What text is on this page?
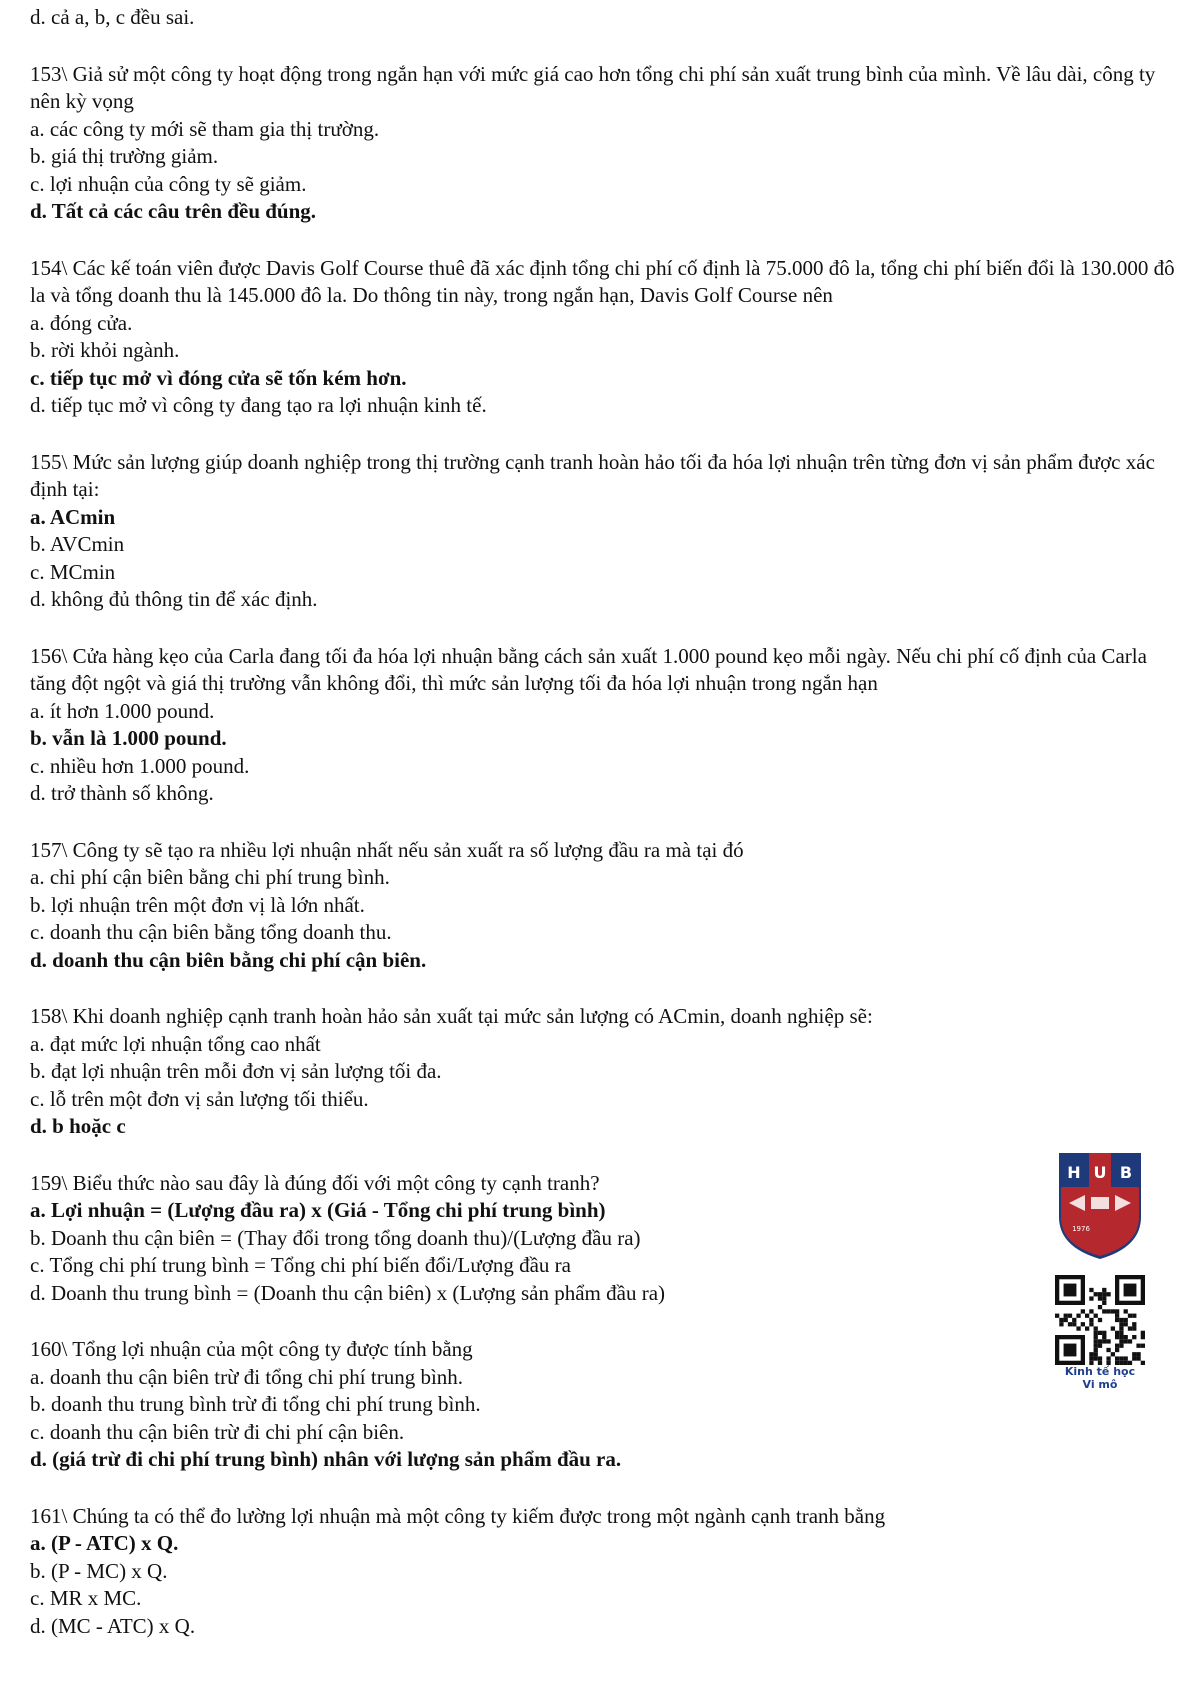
d. cả a, b, c đều sai.

153\ Giả sử một công ty hoạt động trong ngắn hạn với mức giá cao hơn tổng chi phí sản xuất trung bình của mình. Về lâu dài, công ty nên kỳ vọng

a. các công ty mới sẽ tham gia thị trường.

b. giá thị trường giảm.

c. lợi nhuận của công ty sẽ giảm.

d. Tất cả các câu trên đều đúng.

154\ Các kế toán viên được Davis Golf Course thuê đã xác định tổng chi phí cố định là 75.000 đô la, tổng chi phí biến đổi là 130.000 đô la và tổng doanh thu là 145.000 đô la. Do thông tin này, trong ngắn hạn, Davis Golf Course nên

a. đóng cửa.

b. rời khỏi ngành.

c. tiếp tục mở vì đóng cửa sẽ tốn kém hơn.

d. tiếp tục mở vì công ty đang tạo ra lợi nhuận kinh tế.

155\ Mức sản lượng giúp doanh nghiệp trong thị trường cạnh tranh hoàn hảo tối đa hóa lợi nhuận trên từng đơn vị sản phẩm được xác định tại:

a. ACmin

b. AVCmin

c. MCmin

d. không đủ thông tin để xác định.

156\ Cửa hàng kẹo của Carla đang tối đa hóa lợi nhuận bằng cách sản xuất 1.000 pound kẹo mỗi ngày. Nếu chi phí cố định của Carla tăng đột ngột và giá thị trường vẫn không đổi, thì mức sản lượng tối đa hóa lợi nhuận trong ngắn hạn

a. ít hơn 1.000 pound.

b. vẫn là 1.000 pound.

c. nhiều hơn 1.000 pound.

d. trở thành số không.

157\ Công ty sẽ tạo ra nhiều lợi nhuận nhất nếu sản xuất ra số lượng đầu ra mà tại đó

a. chi phí cận biên bằng chi phí trung bình.

b. lợi nhuận trên một đơn vị là lớn nhất.

c. doanh thu cận biên bằng tổng doanh thu.

d. doanh thu cận biên bằng chi phí cận biên.

158\ Khi doanh nghiệp cạnh tranh hoàn hảo sản xuất tại mức sản lượng có ACmin, doanh nghiệp sẽ:

a. đạt mức lợi nhuận tổng cao nhất

b. đạt lợi nhuận trên mỗi đơn vị sản lượng tối đa.

c. lỗ trên một đơn vị sản lượng tối thiểu.

d. b hoặc c

159\ Biểu thức nào sau đây là đúng đối với một công ty cạnh tranh?

a. Lợi nhuận = (Lượng đầu ra) x (Giá - Tổng chi phí trung bình)

b. Doanh thu cận biên = (Thay đổi trong tổng doanh thu)/(Lượng đầu ra)

c. Tổng chi phí trung bình = Tổng chi phí biến đổi/Lượng đầu ra

d. Doanh thu trung bình = (Doanh thu cận biên) x (Lượng sản phẩm đầu ra)

160\ Tổng lợi nhuận của một công ty được tính bằng

a. doanh thu cận biên trừ đi tổng chi phí trung bình.

b. doanh thu trung bình trừ đi tổng chi phí trung bình.

c. doanh thu cận biên trừ đi chi phí cận biên.

d. (giá trừ đi chi phí trung bình) nhân với lượng sản phẩm đầu ra.

161\ Chúng ta có thể đo lường lợi nhuận mà một công ty kiếm được trong một ngành cạnh tranh bằng

a. (P - ATC) x Q.

b. (P - MC) x Q.

c. MR x MC.

d. (MC - ATC) x Q.

H U B
1976
Kinh tế học
Vi mô
